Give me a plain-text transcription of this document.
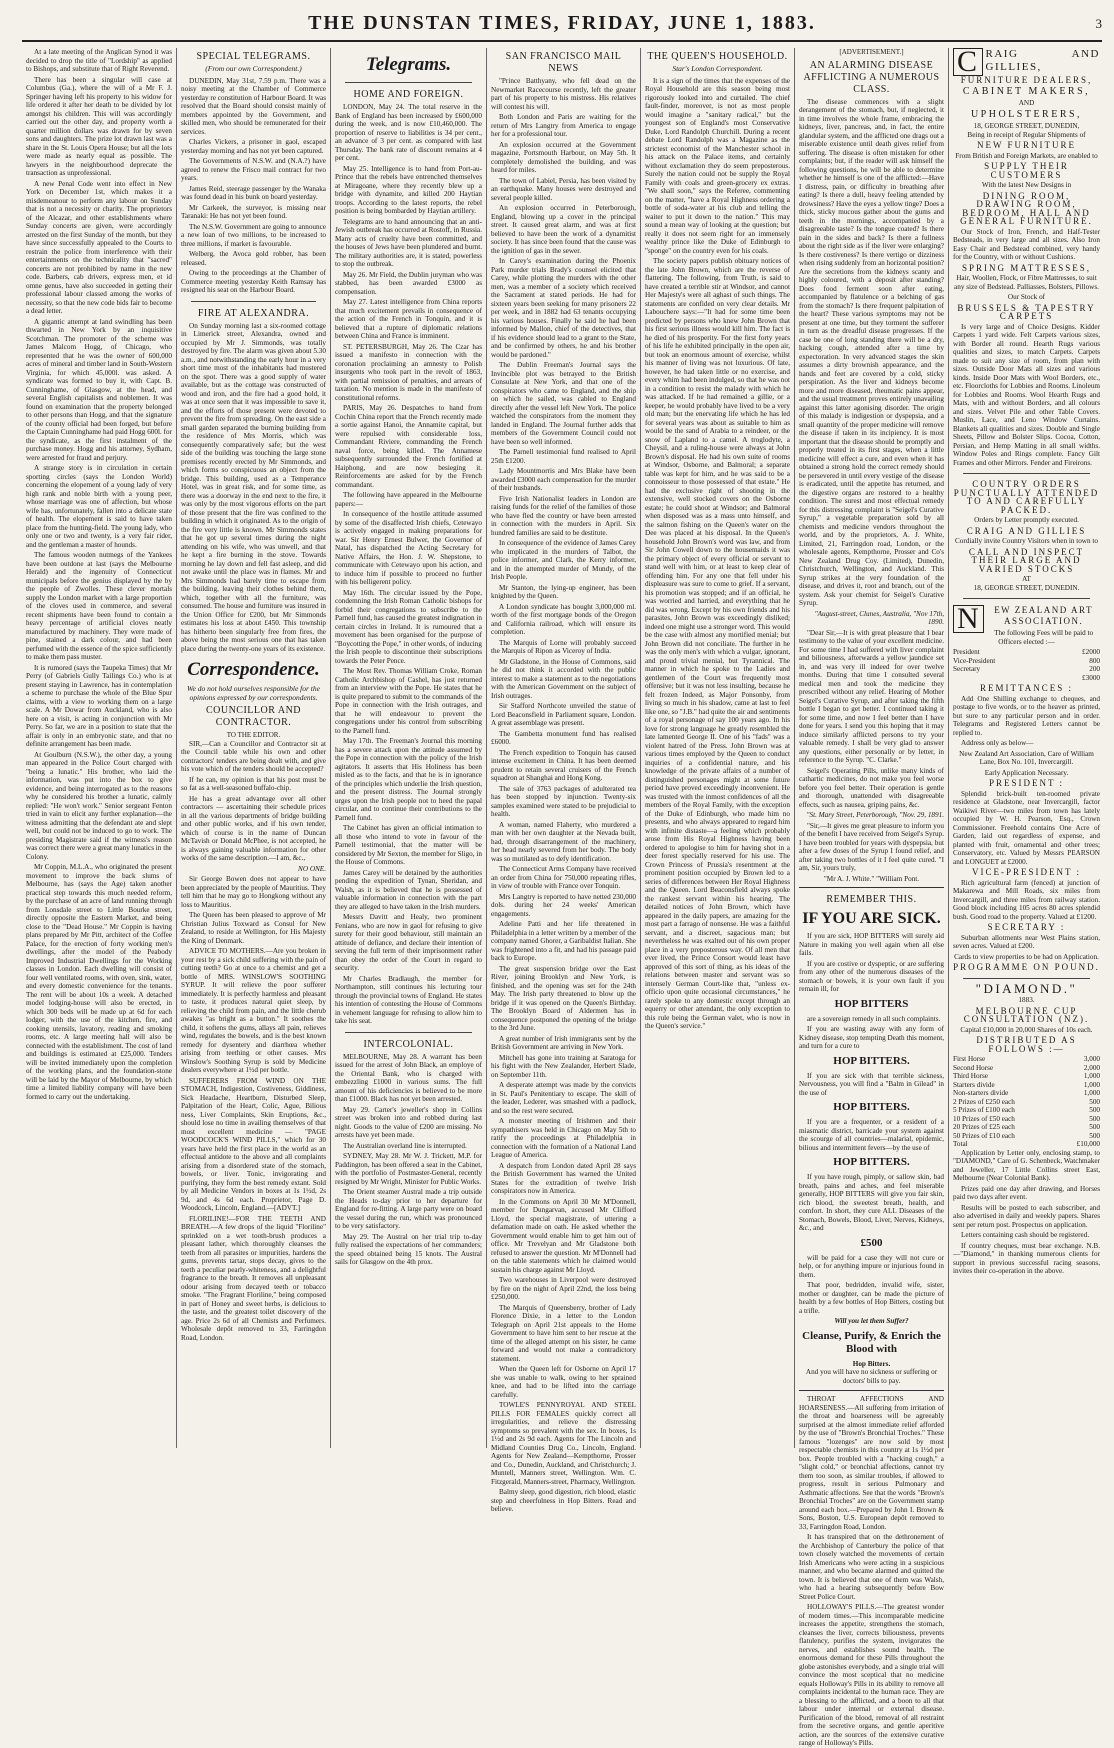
THE DUNSTAN TIMES, FRIDAY, JUNE 1, 1883.	3

At a late meeting of the Anglican Synod it was decided to drop the title of "Lordship" as applied to Bishops, and substitute that of Right Reverend.

There has been a singular will case at Columbus (Ga.), where the will of a Mr F. J. Springer having left his property to his widow for life ordered it after her death to be divided by lot amongst his children. This will was accordingly carried out the other day, and property worth a quarter million dollars was drawn for by seven sons and daughters. The prize lot drawn last was a share in the St. Louis Opera House; but all the lots were made as nearly equal as possible. The lawyers in the neighbourhood deprecate the transaction as unprofessional.

A new Penal Code went into effect in New York on December 1st, which makes it a misdemeanour to perform any labour on Sunday that is not a necessity or charity. The proprietors of the Alcazar, and other establishments where Sunday concerts are given, were accordingly arrested on the first Sunday of the month, but they have since successfully appealed to the Courts to restrain the police from interference with their entertainments on the technicality that "sacred" concerts are not prohibited by name in the new code. Barbers, cab drivers, express men, et id omne genus, have also succeeded in getting their professional labour classed among the works of necessity, so that the new code bids fair to become a dead letter.

A gigantic attempt at land swindling has been thwarted in New York by an inquisitive Scotchman. The promoter of the scheme was James Malcom Hogg, of Chicago, who represented that he was the owner of 600,000 acres of mineral and timber land in South-Western Virginia, for which 45,000l. was asked. A syndicate was formed to buy it, with Capt. B. Cunninghame, of Glasgow, at the head, and several English capitalists and noblemen. It was found on examination that the property belonged to other persons than Hogg, and that the signature of the county official had been forged, but before the Captain Cunninghame had paid Hogg 600l. for the syndicate, as the first instalment of the purchase money. Hogg and his attorney, Sydham, were arrested for fraud and perjury.

A strange story is in circulation in certain sporting circles (says the London World) concerning the elopement of a young lady of very high rank and noble birth with a young peer, whose marriage was one of affection, but whose wife has, unfortunately, fallen into a delicate state of health. The elopement is said to have taken place from the hunting-field. The young lady, who only one or two and twenty, is a very fair rider, and the gentleman a master of hounds.

The famous wooden nutmegs of the Yankees have been outdone at last (says the Melbourne Herald) and the ingenuity of Connecticut municipals before the genius displayed by the by the people of Zwolles. These clever mortals supply the London market with a large proportion of the cloves used in commerce, and several recent shipments have been found to contain a heavy percentage of artificial cloves neatly manufactured by machinery. They were made of pine, stained a dark colour, and had been perfumed with the essence of the spice sufficiently to make them pass muster.

It is rumored (says the Taupeka Times) that Mr Perry (of Gabriels Gully Tailings Co.) who is at present staying in Lawrence, has in contemplation a scheme to purchase the whole of the Blue Spur claims, with a view to working them on a large scale. A Mr Dowar from Auckland, who is also here on a visit, is acting in conjunction with Mr Perry. So far, we are in a position to state that the affair is only in an embryonic state, and that no definite arrangement has been made.

At Goulburn (N.S.W.), the other day, a young man appeared in the Police Court charged with "being a lunatic." His brother, who laid the information, was put into the box to give evidence, and being interrogated as to the reasons why he considered his brother a lunatic, calmly replied: "He won't work." Senior sergeant Fenton tried in vain to elicit any further explanation—the witness admitting that the defendant ate and slept well, but could not be induced to go to work. The presiding Magistrate said if the witness's reason was correct there were a great many lunatics in the Colony.

Mr Coppin, M.L.A., who originated the present movement to improve the back slums of Melbourne, has (says the Age) taken another practical step towards this much needed reform, by the purchase of an acre of land running through from Lonsdale street to Little Bourke street, directly opposite the Eastern Market, and being close to the "Dead House." Mr Coppin is having plans prepared by Mr Pitt, architect of the Coffee Palace, for the erection of forty working men's dwellings, after the model of the Peabody Improved Industrial Dwellings for the Working classes in London. Each dwelling will consist of four well ventilated rooms, with oven, sink, water, and every domestic convenience for the tenants. The rent will be about 10s a week. A detached model lodging-house will also be erected, in which 300 beds will be made up at 6d for each lodger, with the use of the kitchen, fire, and cooking utensils, lavatory, reading and smoking rooms, etc. A large meeting hall will also be connected with the establishment. The cost of land and buildings is estimated at £25,000. Tenders will be invited immediately upon the completion of the working plans, and the foundation-stone will be laid by the Mayor of Melbourne, by which time a limited liability company will have been formed to carry out the undertaking.

SPECIAL TELEGRAMS.
(From our own Correspondent.)

DUNEDIN, May 31st, 7.59 p.m. There was a noisy meeting at the Chamber of Commerce yesterday re constitution of Harbour Board. It was resolved that the Board should consist mainly of members appointed by the Government, and skilled men, who should be remunerated for their services.

Charles Vickers, a prisoner in gaol, escaped yesterday morning and has not yet been captured.

The Governments of N.S.W. and (N.A.?) have agreed to renew the Frisco mail contract for two years.

James Reid, steerage passenger by the Wanaka was found dead in his bunk on board yesterday.

Mr Carkeek, the surveyor, is missing near Taranaki: He has not yet been found.

The N.S.W. Government are going to announce a new loan of two millions, to be increased to three millions, if market is favourable.

Welberg, the Avoca gold robber, has been released.

Owing to the proceedings at the Chamber of Commerce meeting yesterday Keith Ramsay has resigned his seat on the Harbour Board.

FIRE AT ALEXANDRA.

On Sunday morning last a six-roomed cottage in Limerick street, Alexandra, owned and occupied by Mr J. Simmonds, was totally destroyed by fire. The alarm was given about 5.30 a.m., and notwithstanding the early hour in a very short time most of the inhabitants had mustered on the spot. There was a good supply of water available, but as the cottage was constructed of wood and iron, and the fire had a good hold, it was at once seen that it was impossible to save it, and the efforts of those present were devoted to prevent the fire from spreading. On the east side a small garden separated the burning building from the residence of Mrs Morris, which was consequently comparatively safe; but the west side of the building was touching the large stone premises recently erected by Mr Simmonds, and which forms so conspicuous an object from the bridge. This building, used as a Temperance Hotel, was in great risk, and for some time, as there was a doorway in the end next to the fire, it was only by the most vigorous efforts on the part of those present that the fire was confined to the building in which it originated. As to the origin of the fire very little is known. Mr Simmonds states that he got up several times during the night attending on his wife, who was unwell, and that he kept a fire burning in the stove. Towards morning he lay down and fell fast asleep, and did not awake until the place was in flames. Mr and Mrs Simmonds had barely time to escape from the building, leaving their clothes behind them, which, together with all the furniture, was consumed. The house and furniture was insured in the Union Office for £200, but Mr Simmonds estimates his loss at about £450. This township has hitherto been singularly free from fires, the above being the most serious one that has taken place during the twenty-one years of its existence.

Correspondence.
We do not hold ourselves responsible for the opinions expressed by our correspondents.
COUNCILLOR AND CONTRACTOR.
TO THE EDITOR.

SIR,—Can a Councillor and Contractor sit at the Council table while his own and other contractors' tenders are being dealt with, and give his vote which of the tenders should be accepted?

If he can, my opinion is that his post must be so fat as a well-seasoned buffalo-chip.

He has a great advantage over all other contractors — ascertaining their schedule prices in all the various departments of bridge building and other public works, and if his own tender, which of course is in the name of Duncan McTavish or Donald McPhee, is not accepted, he is always gaining valuable information for other works of the same description.—I am, &c.,

NO ONE.

Sir George Bowen does not appear to have been appreciated by the people of Mauritius. They tell him that he may go to Hongkong without any loss to Mauritius.

The Queen has been pleased to approve of Mr Christian Julius Toxward as Consul for New Zealand, to reside at Wellington, for His Majesty the King of Denmark.

ADVICE TO MOTHERS.—Are you broken in your rest by a sick child suffering with the pain of cutting teeth? Go at once to a chemist and get a bottle of MRS. WINSLOW'S SOOTHING SYRUP. It will relieve the poor sufferer immediately. It is perfectly harmless and pleasant to taste, it produces natural quiet sleep, by relieving the child from pain, and the little cherub awakes "as bright as a button." It soothes the child, it softens the gums, allays all pain, relieves wind, regulates the bowels, and is the best known remedy for dysentery and diarrhœa whether arising from teething or other causes. Mrs Winslow's Soothing Syrup is sold by Medicine dealers everywhere at 1½d per bottle.

SUFFERERS FROM WIND ON THE STOMACH, Indigestion, Costiveness, Giddiness, Sick Headache, Heartburn, Disturbed Sleep, Palpitation of the Heart, Colic, Ague, Bilious ness, Liver Complaints, Skin Eruptions, &c., should lose no time in availing themselves of that most excellent medicine — "PAGE WOODCOCK'S WIND PILLS," which for 30 years have held the first place in the world as an effectual antidote to the above and all complaints arising from a disordered state of the stomach, bowels, or liver. Tonic, invigorating and purifying, they form the best remedy extant. Sold by all Medicine Vendors in boxes at 1s 1½d, 2s 9d, and 4s 6d each. Proprietor, Page D. Woodcock, Lincoln, England.—[ADVT.]

FLORILINE!—FOR THE TEETH AND BREATH.—A few drops of the liquid "Floriline" sprinkled on a wet tooth-brush produces a pleasant lather, which thoroughly cleanses the teeth from all parasites or impurities, hardens the gums, prevents tartar, stops decay, gives to the teeth a peculiar pearly-whiteness, and a delightful fragrance to the breath. It removes all unpleasant odour arising from decayed teeth or tobacco smoke. "The Fragrant Floriline," being composed in part of Honey and sweet herbs, is delicious to the taste, and the greatest toilet discovery of the age. Price 2s 6d of all Chemists and Perfumers. Wholesale depôt removed to 33, Farringdon Road, London.

Telegrams.
HOME AND FOREIGN.

LONDON, May 24. The total reserve in the Bank of England has been increased by £600,000 during the week, and is now £10,460,000. The proportion of reserve to liabilities is 34 per cent., an advance of 3 per cent. as compared with last Thursday. The bank rate of discount remains at 4 per cent.

May 25. Intelligence is to hand from Port-au-Prince that the rebels have entrenched themselves at Miragoane, where they recently blew up a bridge with dynamite, and killed 200 Haytian troops. According to the latest reports, the rebel position is being bombarded by Haytian artillery.

Telegrams are to hand announcing that an anti-Jewish outbreak has occurred at Rostoff, in Russia. Many acts of cruelty have been committed, and the houses of Jews have been plundered and burnt. The military authorities are, it is stated, powerless to stop the outbreak.

May 26. Mr Field, the Dublin juryman who was stabbed, has been awarded £3000 as compensation.

May 27. Latest intelligence from China reports that much excitement prevails in consequence of the action of the French in Tonquin, and it is believed that a rupture of diplomatic relations between China and France is imminent.

ST. PETERSBURGH, May 26. The Czar has issued a manifesto in connection with the coronation proclaiming an amnesty to Polish insurgents who took part in the revolt of 1863, with partial remission of penalties, and arrears of taxation. No mention is made in the manifesto of constitutional reforms.

PARIS, May 26. Despatches to hand from Cochin China report that the French recently made a sortie against Hanoi, the Annamite capital, but were repulsed with considerable loss, Commandant Riviere, commanding the French naval force, being killed. The Annamese subsequently surrounded the French fortified at Haiphong, and are now besieging it. Reinforcements are asked for by the French commandant.

The following have appeared in the Melbourne papers:—

In consequence of the hostile attitude assumed by some of the disaffected Irish chiefs, Cetewayo is actively engaged in making preparations for war. Sir Henry Ernest Bulwer, the Governor of Natal, has dispatched the Acting Secretary for Native Affairs, the Hon. J. W. Shepstone, to communicate with Cetewayo upon his action, and to induce him if possible to proceed no further with his belligerent policy.

May 16th. The circular issued by the Pope, condemning the Irish Roman Catholic bishops for forbid their congregations to subscribe to the Parnell fund, has caused the greatest indignation in certain circles in Ireland. It is rumoured that a movement has been organised for the purpose of "Boycotting the Pope," in other words, of inducing the Irish people to discontinue their subscriptions towards the Peter Pence.

The Most Rev. Thomas William Croke, Roman Catholic Archbishop of Cashel, has just returned from an interview with the Pope. He states that he is quite prepared to submit to the commands of the Pope in connection with the Irish outrages, and that he will endeavour to prevent the congregations under his control from subscribing to the Parnell fund.

May 17th. The Freeman's Journal this morning has a severe attack upon the attitude assumed by the Pope in connection with the policy of the Irish agitators. It asserts that His Holiness has been misled as to the facts, and that he is in ignorance of the principles which underlie the Irish question, and the present distress. The Journal strongly urges upon the Irish people not to heed the papal circular, and to continue their contributions to the Parnell fund.

The Cabinet has given an official intimation to all those who intend to vote in favour of the Parnell testimonial, that the matter will be considered by Mr Sexton, the member for Sligo, in the House of Commons.

James Carey will be detained by the authorities pending the expedition of Tynan, Sheridan, and Walsh, as it is believed that he is possessed of valuable information in connection with the part they are alleged to have taken in the Irish murders.

Messrs Davitt and Healy, two prominent Fenians, who are now in gaol for refusing to give surety for their good behaviour, still maintain an attitude of defiance, and declare their intention of serving the full term of their imprisonment rather than obey the order of the Court in regard to security.

Mr Charles Bradlaugh, the member for Northampton, still continues his lecturing tour through the provincial towns of England. He states his intention of contesting the House of Commons in vehement language for refusing to allow him to take his seat.

INTERCOLONIAL.

MELBOURNE, May 28. A warrant has been issued for the arrest of John Black, an employe of the Oriental Bank, who is charged with embezzling £1000 in various sums. The full amount of his deficiencies is believed to be more than £1000. Black has not yet been arrested.

May 29. Carter's jeweller's shop in Collins street was broken into and robbed during last night. Goods to the value of £200 are missing. No arrests have yet been made.

The Australian overland line is interrupted.

SYDNEY, May 28. Mr W. J. Trickett, M.P. for Paddington, has been offered a seat in the Cabinet, with the portfolio of Postmaster-General, recently resigned by Mr Wright, Minister for Public Works.

The Orient steamer Austral made a trip outside the Heads to-day prior to her departure for England for re-fitting. A large party were on board the vessel during the run, which was pronounced to be very satisfactory.

May 29. The Austral on her trial trip to-day fully realised the expectations of her commanders; the speed obtained being 15 knots. The Austral sails for Glasgow on the 4th prox.

SAN FRANCISCO MAIL NEWS

"Prince Batthyany, who fell dead on the Newmarket Racecourse recently, left the greater part of his property to his mistress. His relatives will contest his will.

Both London and Paris are waiting for the return of Mrs Langtry from America to engage her for a professional tour.

An explosion occurred at the Government magazine, Portsmouth Harbour, on May 5th. It completely demolished the building, and was heard for miles.

The town of Labiel, Persia, has been visited by an earthquake. Many houses were destroyed and several people killed.

An explosion occurred in Peterborough, England, blowing up a cover in the principal street. It caused great alarm, and was at first believed to have been the work of a dynamitist society. It has since been found that the cause was the ignition of gas in the sewer.

In Carey's examination during the Phoenix Park murder trials Brady's counsel elicited that Carey, while plotting the murders with the other men, was a member of a society which received the Sacrament at stated periods. He had for sixteen years been seeking for many prisoners 22 per week, and in 1882 had 63 tenants occupying his various houses. Finally he said he had been informed by Mallon, chief of the detectives, that if his evidence should lead to a grant to the State, and be confirmed by others, he and his brother would be pardoned."

The Dublin Freeman's Journal says the Invincible plot was betrayed to the British Consulate at New York, and that one of the conspirators who came to England, and the ship on which he sailed, was cabled to England directly after the vessel left New York. The police watched the conspirators from the moment they landed in England. The Journal further adds that members of the Government Council could not have been so well informed.

The Parnell testimonial fund realised to April 25th £1200.

Lady Mountmorris and Mrs Blake have been awarded £3000 each compensation for the murder of their husbands.

Five Irish Nationalist leaders in London are raising funds for the relief of the families of those who have fled the country or have been arrested in connection with the murders in April. Six hundred families are said to be destitute.

In consequence of the evidence of James Carey who implicated in the murders of Talbot, the police informer, and Clark, the Kerry informer, and in the attempted murder of Mundy, of the Irish People.

Mr Stanton, the lying-up engineer, has been knighted by the Queen.

A London syndicate has bought 3,000,000 ml. worth of the first mortgage bonds of the Oregon and California railroad, which will ensure its completion.

The Marquis of Lorne will probably succeed the Marquis of Ripon as Viceroy of India.

Mr Gladstone, in the House of Commons, said he did not think it accorded with the public interest to make a statement as to the negotiations with the American Government on the subject of Irish outrages.

Sir Stafford Northcote unveiled the statue of Lord Beaconsfield in Parliament square, London. A great assemblage was present.

The Gambetta monument fund has realised £6000.

The French expedition to Tonquin has caused intense excitement in China. It has been deemed prudent to retain several cruisers of the French squadron at Shanghai and Hong Kong.

The sale of 3763 packages of adulterated tea has been stopped by injunction. Twenty-six samples examined were stated to be prejudicial to health.

A woman, named Flaherty, who murdered a man with her own daughter at the Nevada built, had, through disarrangement of the machinery, her head nearly severed from her body. The body was so mutilated as to defy identification.

The Connecticut Arms Company have received an order from China for 750,000 repeating rifles, in view of trouble with France over Tonquin.

Mrs Langtry is reported to have netted 230,000 dols. during her 24 weeks' American engagements.

Adeline Patti and her life threatened in Philadelphia in a letter written by a member of the company named Ghorer, a Garibaldist Italian. She was frightened into a fit, and had his passage paid back to Europe.

The great suspension bridge over the East River, joining Brooklyn and New York, is finished, and the opening was set for the 24th May. The Irish party threatened to blow up the bridge if it was opened on the Queen's Birthday. The Brooklyn Board of Aldermen has in consequence postponed the opening of the bridge to the 3rd June.

A great number of Irish immigrants sent by the British Government are arriving in New York.

Mitchell has gone into training at Saratoga for his fight with the New Zealander, Herbert Slade, on September 11th.

A desperate attempt was made by the convicts in St. Paul's Penitentiary to escape. The skill of the leader, Lederer, was smashed with a padlock, and so the rest were secured.

A monster meeting of Irishmen and their sympathisers was held in Chicago on May 5th to ratify the proceedings at Philadelphia in connection with the formation of a National Land League of America.

A despatch from London dated April 28 says the British Government has warned the United States for the extradition of twelve Irish conspirators now in America.

In the Commons on April 30 Mr M'Donnell, member for Dungarvan, accused Mr Clifford Lloyd, the special magistrate, of uttering a defamation made on oath. He asked whether the Government would enable him to get him out of office. Mr Trevelyan and Mr Gladstone both refused to answer the question. Mr M'Donnell had on the table statements which he claimed would sustain his charge against Mr Lloyd.

Two warehouses in Liverpool were destroyed by fire on the night of April 22nd, the loss being £250,000.

The Marquis of Queensberry, brother of Lady Florence Dixie, in a letter to the London Telegraph on April 21st appeals to the Home Government to have him sent to her rescue at the time of the alleged attempt on his sister, he came forward and would not make a contradictory statement.

When the Queen left for Osborne on April 17 she was unable to walk, owing to her sprained knee, and had to be lifted into the carriage carefully.

TOWLE'S PENNYROYAL AND STEEL PILLS FOR FEMALES quickly correct all irregularities, and relieve the distressing symptoms so prevalent with the sex. In boxes, 1s 1½d and 2s 9d each. Agents for The Lincoln and Midland Counties Drug Co., Lincoln, England. Agents for New Zealand—Kempthorne, Prosser and Co., Dunedin, Auckland, and Christchurch; J. Muntell, Manners street, Wellington. Wm. C. Fitzgerald, Manners-street, Pharmacy, Wellington.

Balmy sleep, good digestion, rich blood, elastic step and cheerfulness in Hop Bitters. Read and believe.

THE QUEEN'S HOUSEHOLD.
Star's London Correspondent.

It is a sign of the times that the expenses of the Royal Household are this season being most rigorously looked into and curtailed. The chief fault-finder, moreover, is not as most people would imagine a "sanitary radical," but the youngest son of England's most Conservative Duke, Lord Randolph Churchill. During a recent debate Lord Randolph was a Magazine as the strictest economist of the Manchester school in his attack on the Palace items, and certainly without exclamation they do seem preposterous. Surely the nation could not be supply the Royal Family with coals and green-grocery ex extras. "We shall soon," says the Referee, commenting on the matter, "have a Royal Highness ordering a bottle of soda-water at his club and telling the waiter to put it down to the nation." This may sound a mean way of looking at the question; but really it does not seem right for an immensely wealthy prince like the Duke of Edinburgh to "sponge" on the country even for his coals.

The society papers publish obituary notices of the late John Brown, which are the reverse of flattering. The following, from Truth, is said to have created a terrible stir at Windsor, and cannot Her Majesty's were all aghast of such things. The statements are confided on very clear details. Mr Labouchere says:—"It had for some time been predicted by persons who knew John Brown that his first serious illness would kill him. The fact is he died of his prosperity. For the first forty years of his life he exhibited principally in the open air, but took an enormous amount of exercise, whilst his manner of living was not luxurious. Of late, however, he had taken little or no exercise, and every whim had been indulged, so that he was not in a condition to resist the malady with which he was attacked. If he had remained a gillie, or a keeper, he would probably have lived to be a very old man; but the enervating life which he has led for several years was about as suitable to him as would be the sand of Arabia to a reindeer, or the snow of Lapland to a camel. A troglodyte, a Cheysil, and a ruling-house were always at John Brown's disposal. He had his own suite of rooms at Windsor, Osborne, and Balmoral; a separate table was kept for him, and he was said to be a connoisseur to those possessed of that estate." He had the exclusive right of shooting in the extensive, well stocked covers on the Osborne estate; he could shoot at Windsor; and Balmoral when disposed was as a mass unto himself, and the salmon fishing on the Queen's water on the Dee was placed at his disposal. In the Queen's household John Brown's word was law, and from Sir John Cowell down to the housemaids it was the primary object of every official or servant to stand well with him, or at least to keep clear of offending him. For any one that fell under his displeasure was sure to come to grief. If a servant, his promotion was stopped; and if an official, he was worried and harried, and everything that he did was wrong. Except by his own friends and his parasites, John Brown was exceedingly disliked; indeed one might use a stronger word. This would be the case with almost any mortified menial; but John Brown did not conciliate. The further in he was the only men's with which a vulgar, ignorant, and proud trivial menial, but Tyrannical. The manner in which he spoke to the Ladies and gentlemen of the Court was frequently most offensive; but it was not less insulting, because he felt frozen Indeed, as Major Ponsonby, from living so much in his shadow, came at last to feel like one, so "J.B." had quite the air and sentiments of a royal personage of say 100 years ago. In his love for strong language he greatly resembled the late lamented George II. One of his "fads" was a violent hatred of the Press. John Brown was at various times employed by the Queen to conduct inquiries of a confidential nature, and his knowledge of the private affairs of a number of distinguished personages might at some future period have proved exceedingly inconvenient. He was trusted with the inmost confidences of all the members of the Royal Family, with the exception of the Duke of Edinburgh, who made him no presents, and who always appeared to regard him with infinite distaste—a feeling which probably arose from His Royal Highness having been ordered to apologise to him for having shot in a deer forest specially reserved for his use. The Crown Princess of Prussia's resentment at the prominent position occupied by Brown led to a series of differences between Her Royal Highness and the Queen. Lord Beaconsfield always spoke the rankest servant within his hearing. The detailed notices of John Brown, which have appeared in the daily papers, are amazing for the most part a farrago of nonsense. He was a faithful servant, and a discreet, sagacious man; but nevertheless he was exalted out of his own proper place in a very preposterous way. Of all men that ever lived, the Prince Consort would least have approved of this sort of thing, as his ideas of the relations between master and servant was so intensely German Court-like that, "unless ex-officio upon quite occasional circumstances," he rarely spoke to any domestic except through an equerry or other attendant, the only exception to this rule being the German valet, who is now in the Queen's service."

[ADVERTISEMENT.]
AN ALARMING DISEASE AFFLICTING A NUMEROUS CLASS.

The disease commences with a slight derangement of the stomach, but, if neglected, it in time involves the whole frame, embracing the kidneys, liver, pancreas, and, in fact, the entire glandular system, and the afflicted one drags out a miserable existence until death gives relief from suffering. The disease is often mistaken for other complaints; but, if the reader will ask himself the following questions, he will be able to determine whether he himself is one of the afflicted:—Have I distress, pain, or difficulty in breathing after eating? Is there a dull, heavy feeling attended by drowsiness? Have the eyes a yellow tinge? Does a thick, sticky mucous gather about the gums and teeth in the mornings, accompanied by a disagreeable taste? Is the tongue coated? Is there pain in the sides and back? Is there a fullness about the right side as if the liver were enlarging? Is there costiveness? Is there vertigo or dizziness when rising suddenly from an horizontal position? Are the secretions from the kidneys scanty and highly coloured, with a deposit after standing? Does food ferment soon after eating, accompanied by flatulence or a belching of gas from the stomach? Is there frequent palpitation of the heart? These various symptoms may not be present at one time, but they torment the sufferer in turn as the dreadful disease progresses. If the case be one of long standing there will be a dry, hacking cough, attended after a time by expectoration. In very advanced stages the skin assumes a dirty brownish appearance, and the hands and feet are covered by a cold, sticky perspiration. As the liver and kidneys become more and more diseased, rheumatic pains appear, and the usual treatment proves entirely unavailing against this latter agonising disorder. The origin of this malady is indigestion or dyspepsia, and a small quantity of the proper medicine will remove the disease if taken in its incipiency. It is most important that the disease should be promptly and properly treated in its first stages, when a little medicine will effect a cure, and even when it has obtained a strong hold the correct remedy should be persevered in until every vestige of the disease is eradicated, until the appetite has returned, and the digestive organs are restored to a healthy condition. The surest and most effectual remedy for this distressing complaint is "Seigel's Curative Syrup," a vegetable preparation sold by all chemists and medicine vendors throughout the world, and by the proprietors, A. J. White, Limited, 21, Farringdon road, London, or the wholesale agents, Kempthorne, Prosser and Co's New Zealand Drug Coy. (Limited), Dunedin, Christchurch, Wellington, and Auckland. This Syrup strikes at the very foundation of the disease, and drives it, root and branch, out of the system. Ask your chemist for Seigel's Curative Syrup.

"August-street, Clunes, Australia, "Nov 17th, 1890.

"Dear Sir,—It is with great pleasure that I bear testimony to the value of your excellent medicine. For some time I had suffered with liver complaint and biliousness, afterwards a yellow jaundice set in, and was very ill indeed for over twelve months. During that time I consulted several medical men and took the medicine they prescribed without any relief. Hearing of Mother Seigel's Curative Syrup, and after taking the fifth bottle I began to get better. I continued taking it for some time, and now I feel better than I have done for years. I send you this hoping that it may induce similarly afflicted persons to try your valuable remedy. I shall be very glad to answer any questions, either personally or by letter, in reference to the Syrup. "C. Clarke."

Seigel's Operating Pills, unlike many kinds of cathartic medicines, do not make you feel worse before you feel better. Their operation is gentle and thorough, unattended with disagreeable effects, such as nausea, griping pains, &c.

"St. Mary Street, Peterborough, "Nov. 29, 1891.

"Sir,—It gives me great pleasure to inform you of the benefit I have received from Seigel's Syrup. I have been troubled for years with dyspepsia, but after a few doses of the Syrup I found relief, and after taking two bottles of it I feel quite cured. "I am, Sir, yours truly,

"Mr A. J. White." "William Pont.

REMEMBER THIS.
IF YOU ARE SICK.

If you are sick, HOP BITTERS will surely aid Nature in making you well again when all else fails.

If you are costive or dyspeptic, or are suffering from any other of the numerous diseases of the stomach or bowels, it is your own fault if you remain ill, for

HOP BITTERS

are a sovereign remedy in all such complaints.

If you are wasting away with any form of Kidney disease, stop tempting Death this moment, and turn for a cure to

HOP BITTERS.

If you are sick with that terrible sickness, Nervousness, you will find a "Balm in Gilead" in the use of

HOP BITTERS.

If you are a frequenter, or a resident of a miasmatic district, barricade your system against the scourge of all countries—malarial, epidemic, bilious and intermittent fevers—by the use of

HOP BITTERS.

If you have rough, pimply, or sallow skin, bad breath, pains and aches, and feel miserable generally, HOP BITTERS will give you fair skin, rich blood, the sweetest breath, health, and comfort. In short, they cure ALL Diseases of the Stomach, Bowels, Blood, Liver, Nerves, Kidneys, &c., and

£500

will be paid for a case they will not cure or help, or for anything impure or injurious found in them.

That poor, bedridden, invalid wife, sister, mother or daughter, can be made the picture of health by a few bottles of Hop Bitters, costing but a trifle.

Will you let them Suffer?

Cleanse, Purify, & Enrich the Blood with
Hop Bitters.

And you will have no sickness or suffering or doctors' bills to pay.

THROAT AFFECTIONS AND HOARSENESS.—All suffering from irritation of the throat and hoarseness will be agreeably surprised at the almost immediate relief afforded by the use of "Brown's Bronchial Troches." These famous "lozenges" are now sold by most respectable chemists in this country at 1s 1½d per box. People troubled with a "hacking cough," a "slight cold," or bronchial affections, cannot try them too soon, as similar troubles, if allowed to progress, result in serious Pulmonary and Asthmatic affections. See that the words "Brown's Bronchial Troches" are on the Government stamp around each box.—Prepared by John I. Brown & Sons, Boston, U.S. European depôt removed to 33, Farringdon Road, London.

It has transpired that on the dethronement of the Archbishop of Canterbury the police of that town closely watched the movements of certain Irish Americans who were acting in a suspicious manner, and who became alarmed and quitted the town. It is believed that one of them was Walsh, who had a hearing subsequently before Bow Street Police Court.

HOLLOWAY'S PILLS.—The greatest wonder of modern times.—This incomparable medicine increases the appetite, strengthens the stomach, cleanses the liver, corrects biliousness, prevents flatulency, purifies the system, invigorates the nerves, and establishes sound health. The enormous demand for these Pills throughout the globe astonishes everybody, and a single trial will convince the most sceptical that no medicine equals Holloway's Pills in its ability to remove all complaints incidental to the human race. They are a blessing to the afflicted, and a boon to all that labour under internal or external disease. Purification of the blood, removal of all restraint from the secretive organs, and gentle aperitive action, are the sources of the extensive curative range of Holloway's Pills.

C RAIG AND GILLIES,

FURNITURE DEALERS,
CABINET MAKERS,
AND
UPHOLSTERERS,
18, GEORGE STREET, DUNEDIN,

Being in receipt of Regular Shipments of

NEW FURNITURE

From British and Foreign Markets, are enabled to

SUPPLY THEIR CUSTOMERS

With the latest New Designs in

DINING ROOM, DRAWING ROOM, BEDROOM, HALL AND GENERAL FURNITURE.

Our Stock of Iron, French, and Half-Tester Bedsteads, in very large and all sizes. Also Iron Easy Chair and Bedstead combined, very handy for the Country, with or without Cushions.

SPRING MATTRESSES,

Hair, Woollen, Flock, or Fibre Mattresses, to suit any size of Bedstead. Palliasses, Bolsters, Pillows.

Our Stock of

BRUSSELS & TAPESTRY CARPETS

Is very large and of Choice Designs. Kidder Carpets 1 yard wide. Felt Carpets various sizes, with Border all round. Hearth Rugs various qualities and sizes, to match Carpets. Carpets made to suit any size of room, from plan with sizes. Outside Door Mats all sizes and various kinds. Inside Door Mats with Wool Borders, etc., etc. Floorcloths for Lobbies and Rooms. Linoleum for Lobbies and Rooms. Wool Hearth Rugs and Mats, with and without Borders, and all colours and sizes. Velvet Pile and other Table Covers. Muslin, Lace, and Leno Window Curtains. Blankets all qualities and sizes. Double and Single Sheets, Pillow and Bolster Slips. Cocoa, Cotton, Persian, and Hemp Matting in all small widths. Window Poles and Rings complete. Fancy Gilt Frames and other Mirrors. Fender and Fireirons.

COUNTRY ORDERS PUNCTUALLY ATTENDED TO AND CAREFULLY PACKED.

Orders by Letter promptly executed.

CRAIG AND GILLIES

Cordially invite Country Visitors when in town to

CALL AND INSPECT THEIR LARGE AND VARIED STOCKS
AT
18, GEORGE STREET, DUNEDIN.

N	EW ZEALAND ART ASSOCIATION.

The following Fees will be paid to Officers elected :—

President	£2000
Vice-President	800
Secretary	200
	£3000
REMITTANCES :

Add One Shilling exchange to cheques, and postage to five words, or to the heaver as printed, but sure to any particular person and in order. Telegrams and Registered Letters cannot be replied to.

Address only as below—

New Zealand Art Association, Care of William Lane, Box No. 101, Invercargill.

Early Application Necessary.

PRESIDENT :

Splendid brick-built ten-roomed private residence at Gladstone, near Invercargill, factor Waikiwi River—two miles from town has lately occupied by W. H. Pearson, Esq., Crown Commissioner. Freehold contains One Acre of Garden, laid out regardless of expense, and planted with fruit, ornamental and other trees; Conservatory, etc. Valued by Messrs PEARSON and LONGUET at £2000.

VICE-PRESIDENT :

Rich agricultural farm (fenced) at junction of Makarewa and Mill Roads, six miles from Invercargill, and three miles from railway station. Good block including 105 acres 80 acres splendid bush. Good road to the property. Valued at £1200.

SECRETARY :

Suburban allotments near West Plains station, seven acres. Valued at £200.

Cards to view properties to be had on Application.

PROGRAMME ON POUND.
"DIAMOND."
1883.
MELBOURNE CUP CONSULTATION (NZ).

Capital £10,000 in 20,000 Shares of 10s each.

DISTRIBUTED AS FOLLOWS :—
First Horse	3,000
Second Horse	2,000
Third Horse	1,000
Starters divide	1,000
Non-starters divide	1,000
2 Prizes of £250 each	500
5 Prizes of £100 each	500
10 Prizes of £50 each	500
20 Prizes of £25 each	500
50 Prizes of £10 each	500
Total	£10,000

Application by Letter only, enclosing stamp, to "DIAMOND," Care of G. Schenbeck, Watchmaker and Jeweller, 17 Little Collins street East, Melbourne (Near Colonial Bank).

Prizes paid one day after drawing, and Horses paid two days after event.

Results will be posted to each subscriber, and also advertised in daily and weekly papers. Shares sent per return post. Prospectus on application.

Letters containing cash should be registered.

If country cheques, must bear exchange. N.B.—"Diamond," in thanking numerous clients for support in previous successful racing seasons, invites their co-operation in the above.
